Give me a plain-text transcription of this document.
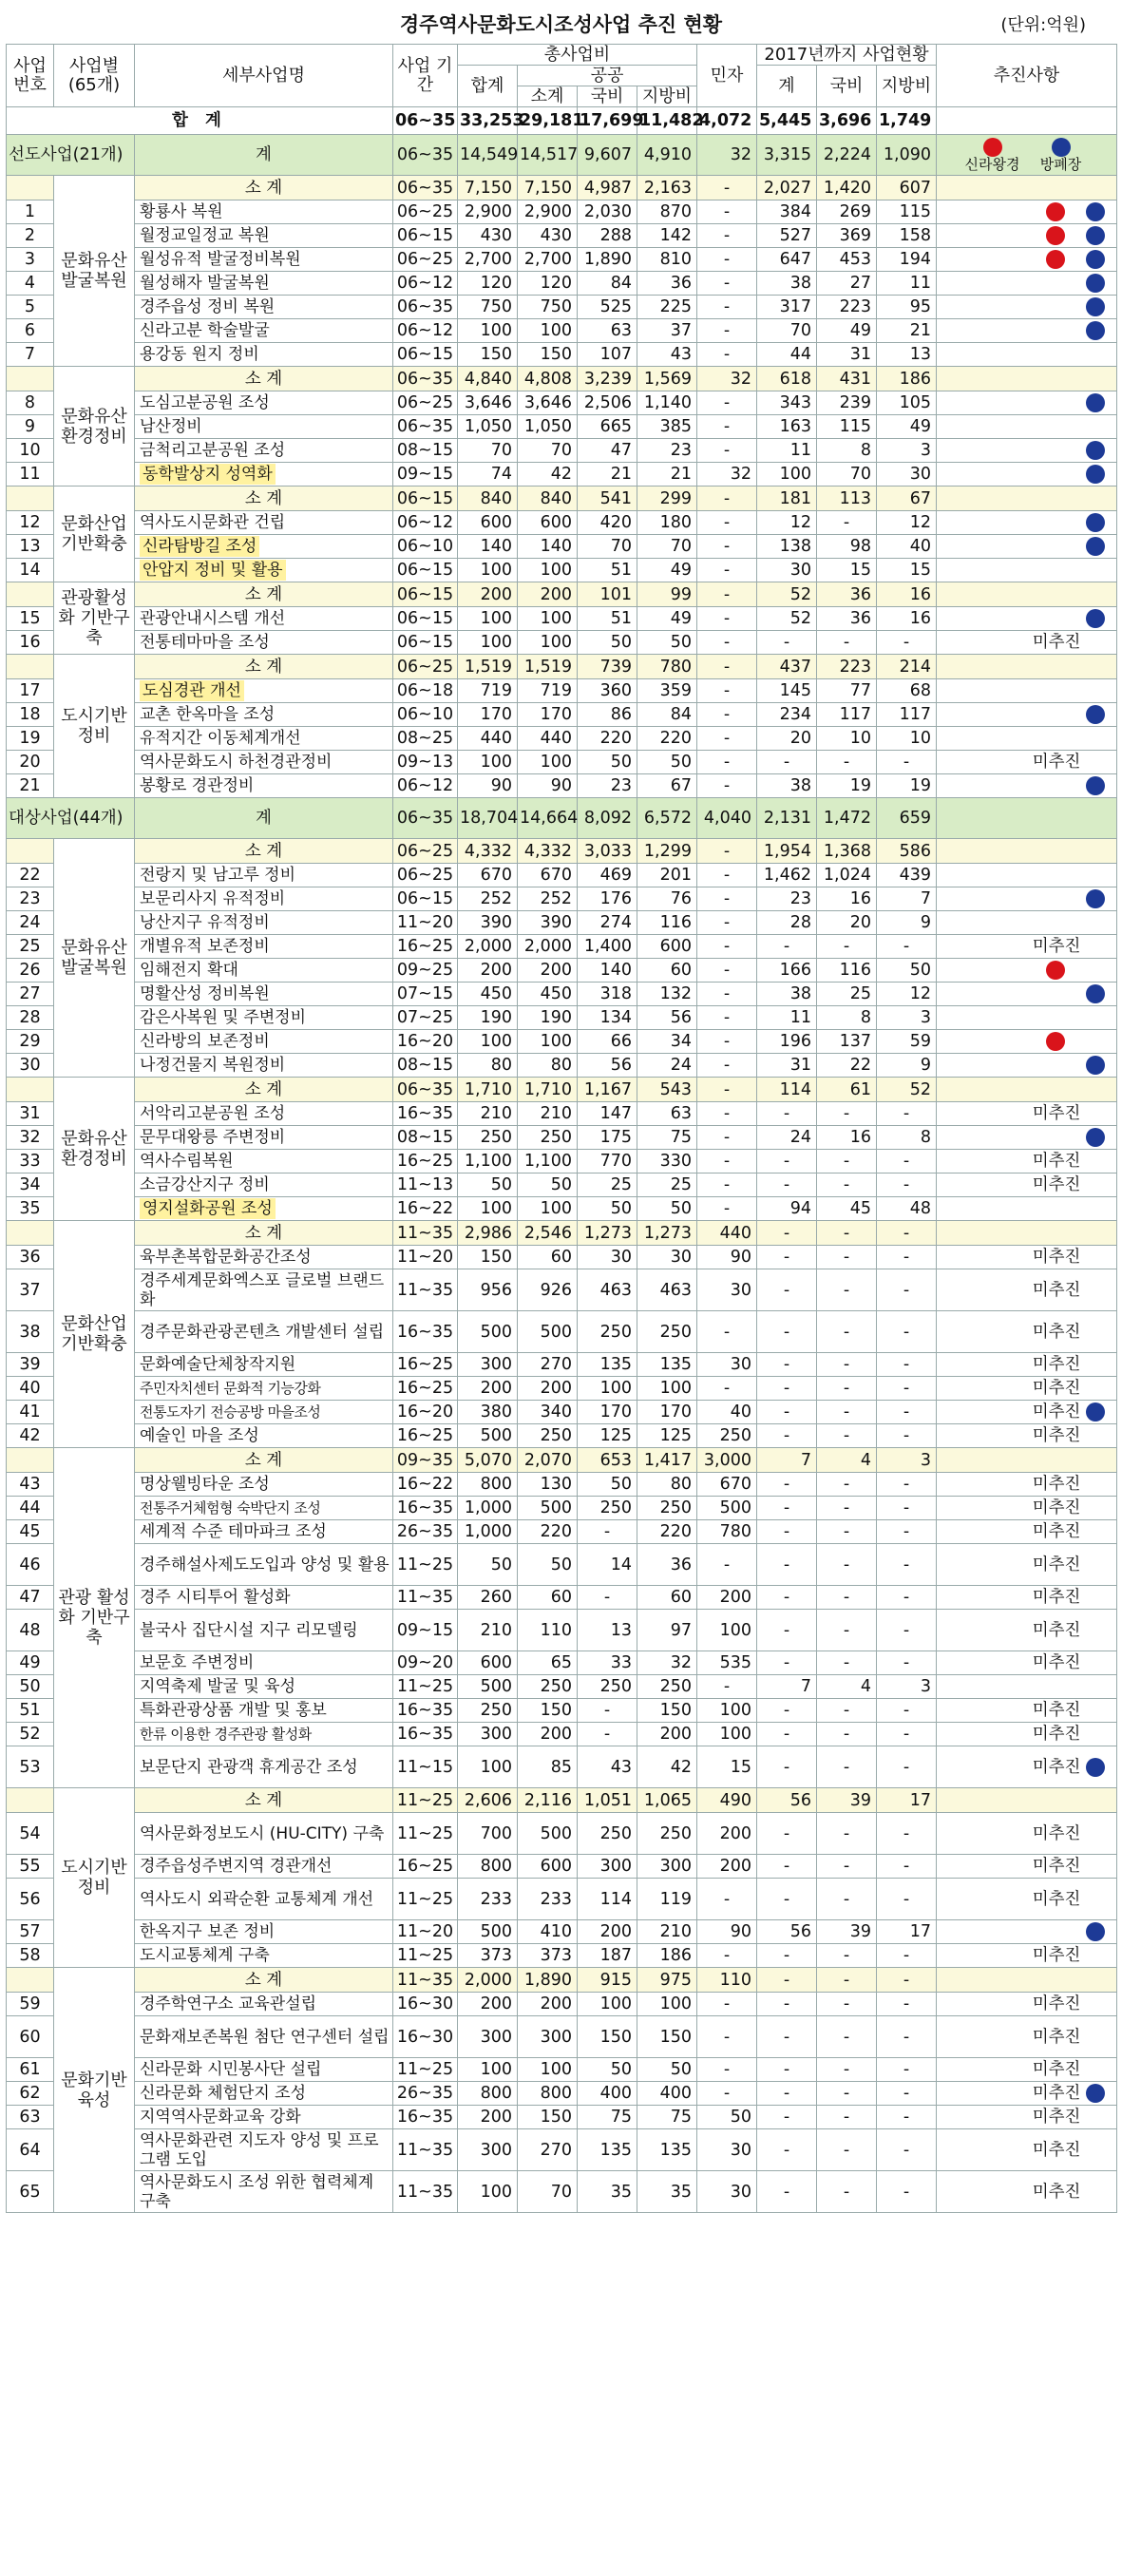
경주역사문화도시조성사업 추진 현황	(단위:억원)
사업 번호	사업별 (65개)	세부사업명	사업 기간	총사업비				민자	2017년까지 사업현황			추진사항
				합계	공공				계	국비	지방비	
					소계	국비	지방비					
합 계			06~35	33,253	29,181	17,699	11,482	4,072	5,445	3,696	1,749	
선도사업(21개)		계	06~35	14,549	14,517	9,607	4,910	32	3,315	2,224	1,090	신라왕경 방폐장
	문화유산 발굴복원	소 계	06~35	7,150	7,150	4,987	2,163	-	2,027	1,420	607	
1		황룡사 복원	06~25	2,900	2,900	2,030	870	-	384	269	115	
2		월정교일정교 복원	06~15	430	430	288	142	-	527	369	158	
3		월성유적 발굴정비복원	06~25	2,700	2,700	1,890	810	-	647	453	194	
4		월성해자 발굴복원	06~12	120	120	84	36	-	38	27	11	
5		경주읍성 정비 복원	06~35	750	750	525	225	-	317	223	95	
6		신라고분 학술발굴	06~12	100	100	63	37	-	70	49	21	
7		용강동 원지 정비	06~15	150	150	107	43	-	44	31	13	
	문화유산 환경정비	소 계	06~35	4,840	4,808	3,239	1,569	32	618	431	186	
8		도심고분공원 조성	06~25	3,646	3,646	2,506	1,140	-	343	239	105	
9		남산정비	06~35	1,050	1,050	665	385	-	163	115	49	
10		금척리고분공원 조성	08~15	70	70	47	23	-	11	8	3	
11		동학발상지 성역화	09~15	74	42	21	21	32	100	70	30	
	문화산업 기반확충	소 계	06~15	840	840	541	299	-	181	113	67	
12		역사도시문화관 건립	06~12	600	600	420	180	-	12	-	12	
13		신라탐방길 조성	06~10	140	140	70	70	-	138	98	40	
14		안압지 정비 및 활용	06~15	100	100	51	49	-	30	15	15	
	관광활성화 기반구축	소 계	06~15	200	200	101	99	-	52	36	16	
15		관광안내시스템 개선	06~15	100	100	51	49	-	52	36	16	
16		전통테마마을 조성	06~15	100	100	50	50	-	-	-	-	미추진
	도시기반 정비	소 계	06~25	1,519	1,519	739	780	-	437	223	214	
17		도심경관 개선	06~18	719	719	360	359	-	145	77	68	
18		교촌 한옥마을 조성	06~10	170	170	86	84	-	234	117	117	
19		유적지간 이동체계개선	08~25	440	440	220	220	-	20	10	10	
20		역사문화도시 하천경관정비	09~13	100	100	50	50	-	-	-	-	미추진
21		봉황로 경관정비	06~12	90	90	23	67	-	38	19	19	
대상사업(44개)		계	06~35	18,704	14,664	8,092	6,572	4,040	2,131	1,472	659	
	문화유산 발굴복원	소 계	06~25	4,332	4,332	3,033	1,299	-	1,954	1,368	586	
22		전랑지 및 남고루 정비	06~25	670	670	469	201	-	1,462	1,024	439	
23		보문리사지 유적정비	06~15	252	252	176	76	-	23	16	7	
24		낭산지구 유적정비	11~20	390	390	274	116	-	28	20	9	
25		개별유적 보존정비	16~25	2,000	2,000	1,400	600	-	-	-	-	미추진
26		임해전지 확대	09~25	200	200	140	60	-	166	116	50	
27		명활산성 정비복원	07~15	450	450	318	132	-	38	25	12	
28		감은사복원 및 주변정비	07~25	190	190	134	56	-	11	8	3	
29		신라방의 보존정비	16~20	100	100	66	34	-	196	137	59	
30		나정건물지 복원정비	08~15	80	80	56	24	-	31	22	9	
	문화유산 환경정비	소 계	06~35	1,710	1,710	1,167	543	-	114	61	52	
31		서악리고분공원 조성	16~35	210	210	147	63	-	-	-	-	미추진
32		문무대왕릉 주변정비	08~15	250	250	175	75	-	24	16	8	
33		역사수림복원	16~25	1,100	1,100	770	330	-	-	-	-	미추진
34		소금강산지구 정비	11~13	50	50	25	25	-	-	-	-	미추진
35		영지설화공원 조성	16~22	100	100	50	50	-	94	45	48	
	문화산업 기반확충	소 계	11~35	2,986	2,546	1,273	1,273	440	-	-	-	
36		육부촌복합문화공간조성	11~20	150	60	30	30	90	-	-	-	미추진
37		경주세계문화엑스포 글로벌 브랜드화	11~35	956	926	463	463	30	-	-	-	미추진
38		경주문화관광콘텐츠 개발센터 설립	16~35	500	500	250	250	-	-	-	-	미추진
39		문화예술단체창작지원	16~25	300	270	135	135	30	-	-	-	미추진
40		주민자치센터 문화적 기능강화	16~25	200	200	100	100	-	-	-	-	미추진
41		전통도자기 전승공방 마을조성	16~20	380	340	170	170	40	-	-	-	미추진
42		예술인 마을 조성	16~25	500	250	125	125	250	-	-	-	미추진
	관광 활성화 기반구축	소 계	09~35	5,070	2,070	653	1,417	3,000	7	4	3	
43		명상웰빙타운 조성	16~22	800	130	50	80	670	-	-	-	미추진
44		전통주거체험형 숙박단지 조성	16~35	1,000	500	250	250	500	-	-	-	미추진
45		세계적 수준 테마파크 조성	26~35	1,000	220	-	220	780	-	-	-	미추진
46		경주해설사제도도입과 양성 및 활용	11~25	50	50	14	36	-	-	-	-	미추진
47		경주 시티투어 활성화	11~35	260	60	-	60	200	-	-	-	미추진
48		불국사 집단시설 지구 리모델링	09~15	210	110	13	97	100	-	-	-	미추진
49		보문호 주변정비	09~20	600	65	33	32	535	-	-	-	미추진
50		지역축제 발굴 및 육성	11~25	500	250	250	250	-	7	4	3	
51		특화관광상품 개발 및 홍보	16~35	250	150	-	150	100	-	-	-	미추진
52		한류 이용한 경주관광 활성화	16~35	300	200	-	200	100	-	-	-	미추진
53		보문단지 관광객 휴게공간 조성	11~15	100	85	43	42	15	-	-	-	미추진
	도시기반 정비	소 계	11~25	2,606	2,116	1,051	1,065	490	56	39	17	
54		역사문화정보도시 (HU-CITY) 구축	11~25	700	500	250	250	200	-	-	-	미추진
55		경주읍성주변지역 경관개선	16~25	800	600	300	300	200	-	-	-	미추진
56		역사도시 외곽순환 교통체계 개선	11~25	233	233	114	119	-	-	-	-	미추진
57		한옥지구 보존 정비	11~20	500	410	200	210	90	56	39	17	
58		도시교통체계 구축	11~25	373	373	187	186	-	-	-	-	미추진
	문화기반 육성	소 계	11~35	2,000	1,890	915	975	110	-	-	-	
59		경주학연구소 교육관설립	16~30	200	200	100	100	-	-	-	-	미추진
60		문화재보존복원 첨단 연구센터 설립	16~30	300	300	150	150	-	-	-	-	미추진
61		신라문화 시민봉사단 설립	11~25	100	100	50	50	-	-	-	-	미추진
62		신라문화 체험단지 조성	26~35	800	800	400	400	-	-	-	-	미추진
63		지역역사문화교육 강화	16~35	200	150	75	75	50	-	-	-	미추진
64		역사문화관련 지도자 양성 및 프로그램 도입	11~35	300	270	135	135	30	-	-	-	미추진
65		역사문화도시 조성 위한 협력체계 구축	11~35	100	70	35	35	30	-	-	-	미추진
